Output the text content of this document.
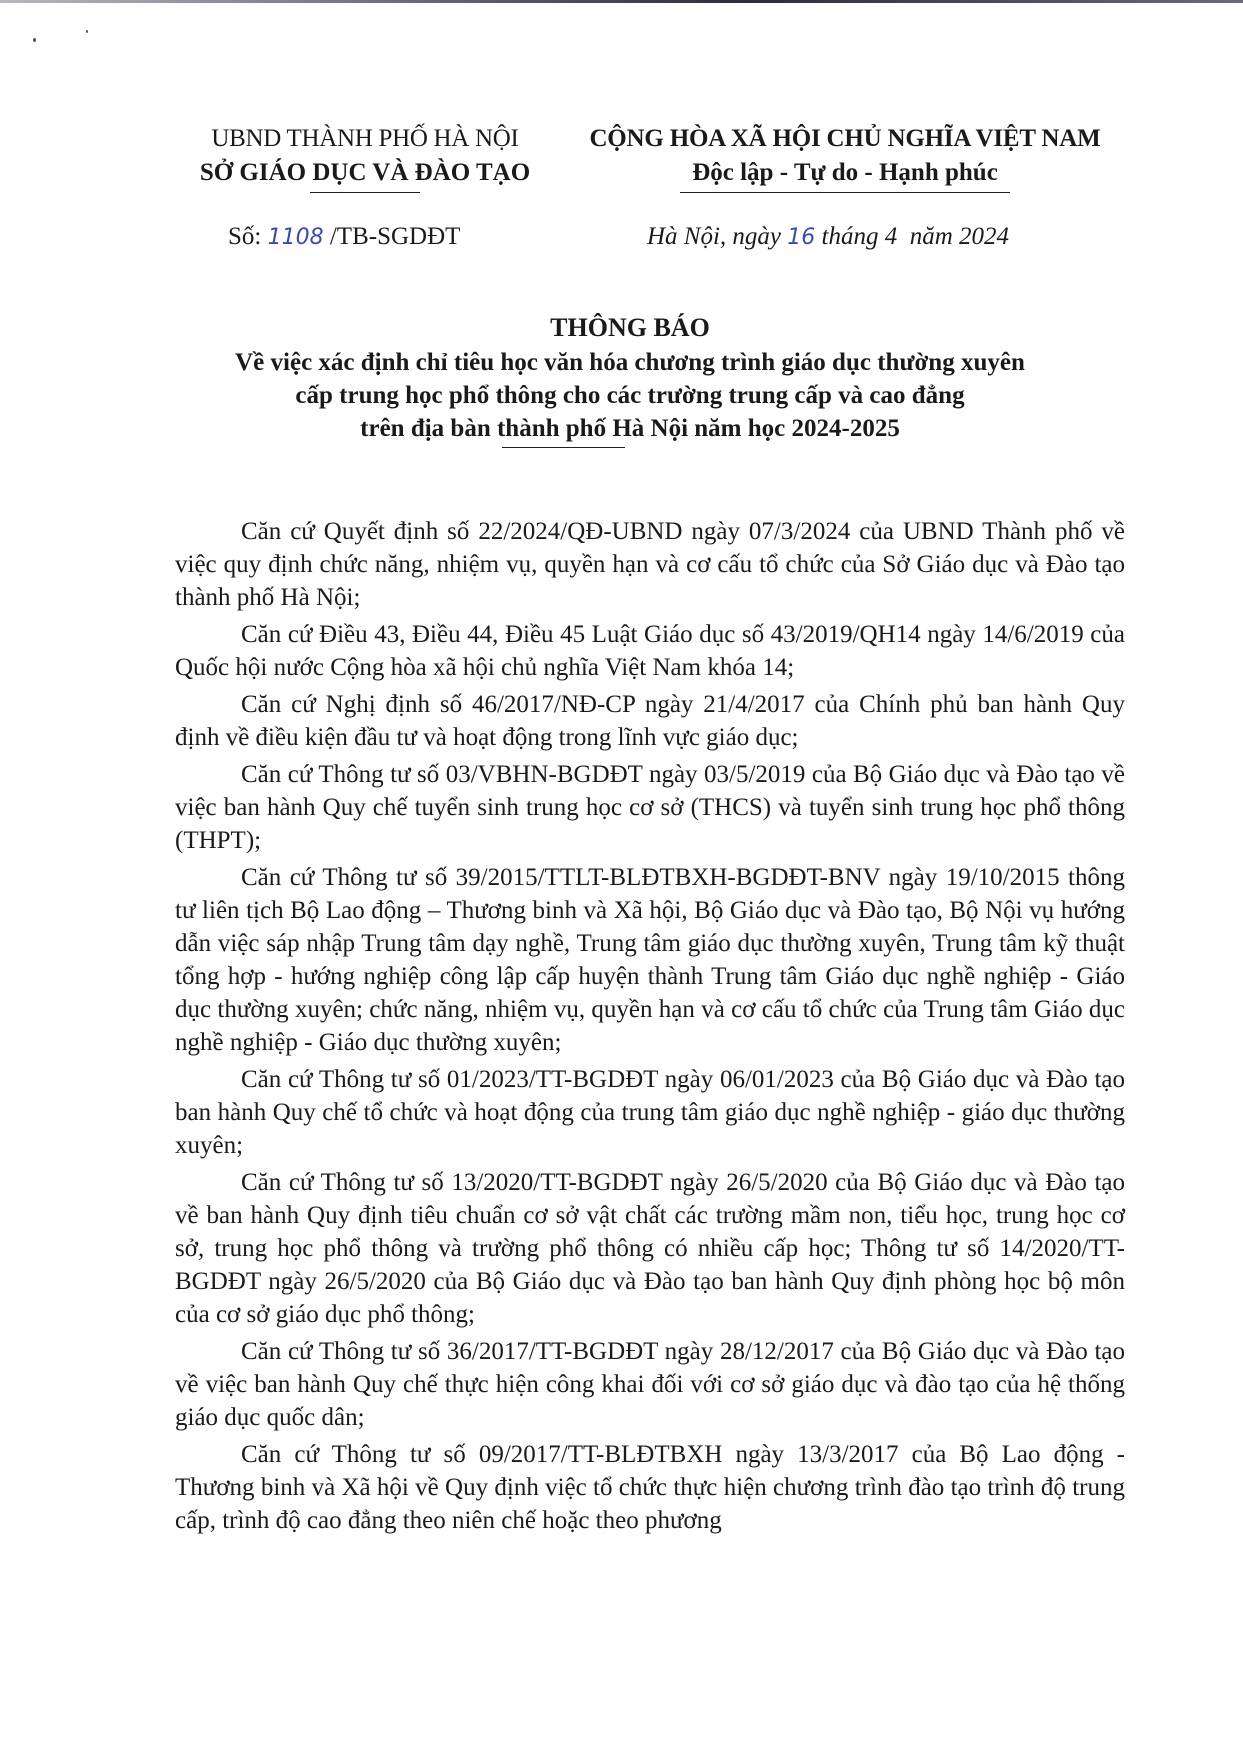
UBND THÀNH PHỐ HÀ NỘI
SỞ GIÁO DỤC VÀ ĐÀO TẠO
CỘNG HÒA XÃ HỘI CHỦ NGHĨA VIỆT NAM
Độc lập - Tự do - Hạnh phúc
Số: 1108 /TB-SGDĐT	Hà Nội, ngày 16 tháng 4  năm 2024
THÔNG BÁO
Về việc xác định chỉ tiêu học văn hóa chương trình giáo dục thường xuyên
cấp trung học phổ thông cho các trường trung cấp và cao đẳng
trên địa bàn thành phố Hà Nội năm học 2024-2025

Căn cứ Quyết định số 22/2024/QĐ-UBND ngày 07/3/2024 của UBND Thành phố về việc quy định chức năng, nhiệm vụ, quyền hạn và cơ cấu tổ chức của Sở Giáo dục và Đào tạo thành phố Hà Nội;

Căn cứ Điều 43, Điều 44, Điều 45 Luật Giáo dục số 43/2019/QH14 ngày 14/6/2019 của Quốc hội nước Cộng hòa xã hội chủ nghĩa Việt Nam khóa 14;

Căn cứ Nghị định số 46/2017/NĐ-CP ngày 21/4/2017 của Chính phủ ban hành Quy định về điều kiện đầu tư và hoạt động trong lĩnh vực giáo dục;

Căn cứ Thông tư số 03/VBHN-BGDĐT ngày 03/5/2019 của Bộ Giáo dục và Đào tạo về việc ban hành Quy chế tuyển sinh trung học cơ sở (THCS) và tuyển sinh trung học phổ thông (THPT);

Căn cứ Thông tư số 39/2015/TTLT-BLĐTBXH-BGDĐT-BNV ngày 19/10/2015 thông tư liên tịch Bộ Lao động – Thương binh và Xã hội, Bộ Giáo dục và Đào tạo, Bộ Nội vụ hướng dẫn việc sáp nhập Trung tâm dạy nghề, Trung tâm giáo dục thường xuyên, Trung tâm kỹ thuật tổng hợp - hướng nghiệp công lập cấp huyện thành Trung tâm Giáo dục nghề nghiệp - Giáo dục thường xuyên; chức năng, nhiệm vụ, quyền hạn và cơ cấu tổ chức của Trung tâm Giáo dục nghề nghiệp - Giáo dục thường xuyên;

Căn cứ Thông tư số 01/2023/TT-BGDĐT ngày 06/01/2023 của Bộ Giáo dục và Đào tạo ban hành Quy chế tổ chức và hoạt động của trung tâm giáo dục nghề nghiệp - giáo dục thường xuyên;

Căn cứ Thông tư số 13/2020/TT-BGDĐT ngày 26/5/2020 của Bộ Giáo dục và Đào tạo về ban hành Quy định tiêu chuẩn cơ sở vật chất các trường mầm non, tiểu học, trung học cơ sở, trung học phổ thông và trường phổ thông có nhiều cấp học; Thông tư số 14/2020/TT-BGDĐT ngày 26/5/2020 của Bộ Giáo dục và Đào tạo ban hành Quy định phòng học bộ môn của cơ sở giáo dục phổ thông;

Căn cứ Thông tư số 36/2017/TT-BGDĐT ngày 28/12/2017 của Bộ Giáo dục và Đào tạo về việc ban hành Quy chế thực hiện công khai đối với cơ sở giáo dục và đào tạo của hệ thống giáo dục quốc dân;

Căn cứ Thông tư số 09/2017/TT-BLĐTBXH ngày 13/3/2017 của Bộ Lao động - Thương binh và Xã hội về Quy định việc tổ chức thực hiện chương trình đào tạo trình độ trung cấp, trình độ cao đẳng theo niên chế hoặc theo phương
